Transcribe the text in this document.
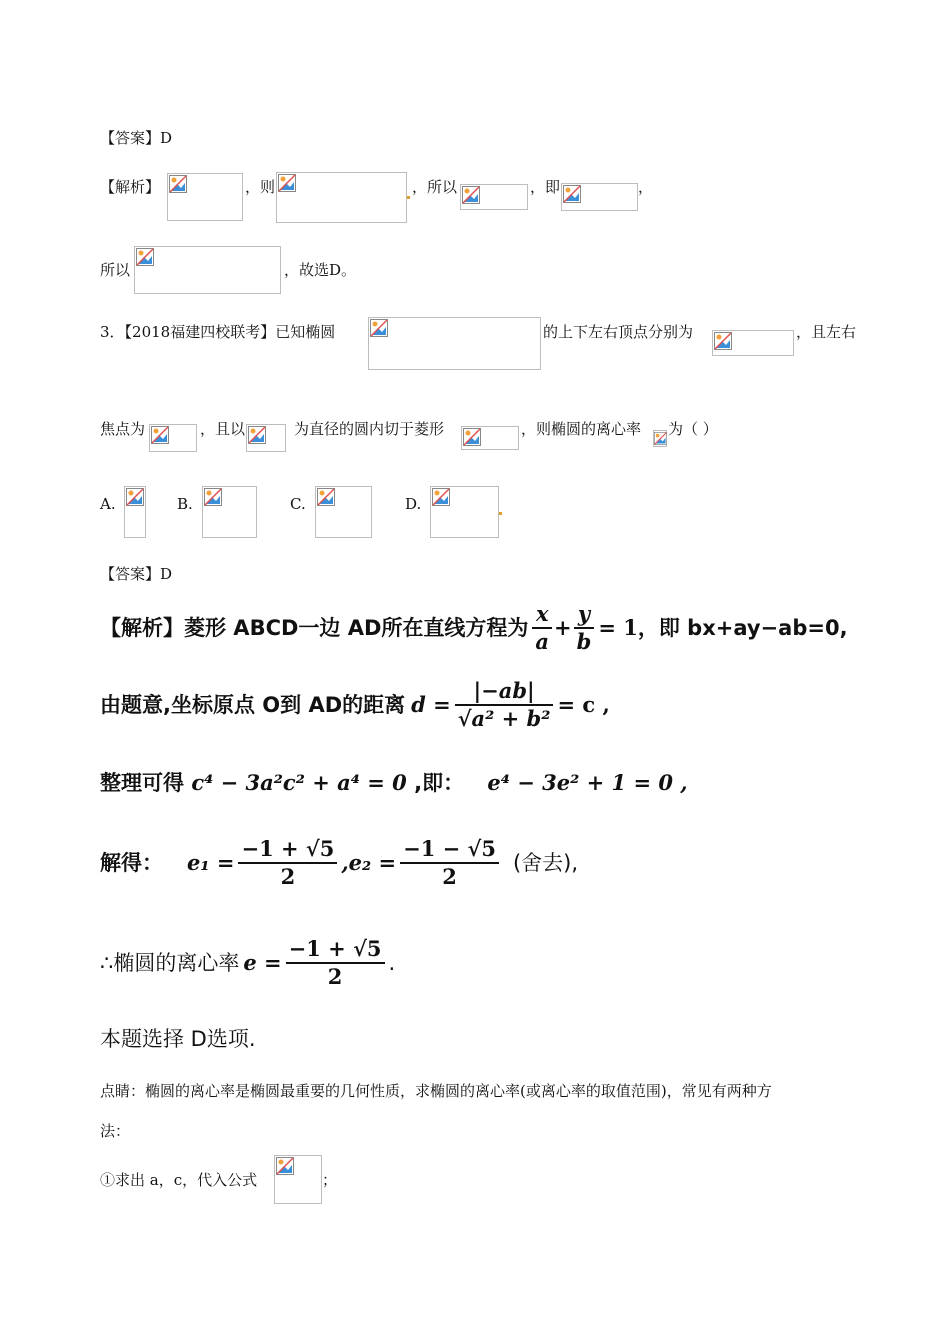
【答案】D
【解析】	，则	，所以	，即	，
所以	，故选D。
3．【2018福建四校联考】已知椭圆	的上下左右顶点分别为	，且左右
焦点为	，且以	为直径的圆内切于菱形	，则椭圆的离心率 为（ ）
A.	B.	C.	D.
【答案】D
【解析】菱形 ABCD一边 AD所在直线方程为 $\frac{x}{a} + \frac{y}{b} = 1$ ，即 bx+ay−ab=0,
由题意,坐标原点 O到 AD的距离 $d = \frac{|-ab|}{\text{√a² + b²}} = c$ ,
整理可得 c⁴ − 3a²c² + a⁴ = 0 ,即： e⁴ − 3e² + 1 = 0 ,
解得： $e_1 = \frac{-1 + √5}{2} ,e_2 = \frac{-1 - √5}{2}$ (舍去),
∴椭圆的离心率 $e = \frac{-1 + √5}{2}$ .
本题选择 D选项.
点睛：椭圆的离心率是椭圆最重要的几何性质，求椭圆的离心率(或离心率的取值范围)，常见有两种方
法：
①求出 a，c，代入公式	；
